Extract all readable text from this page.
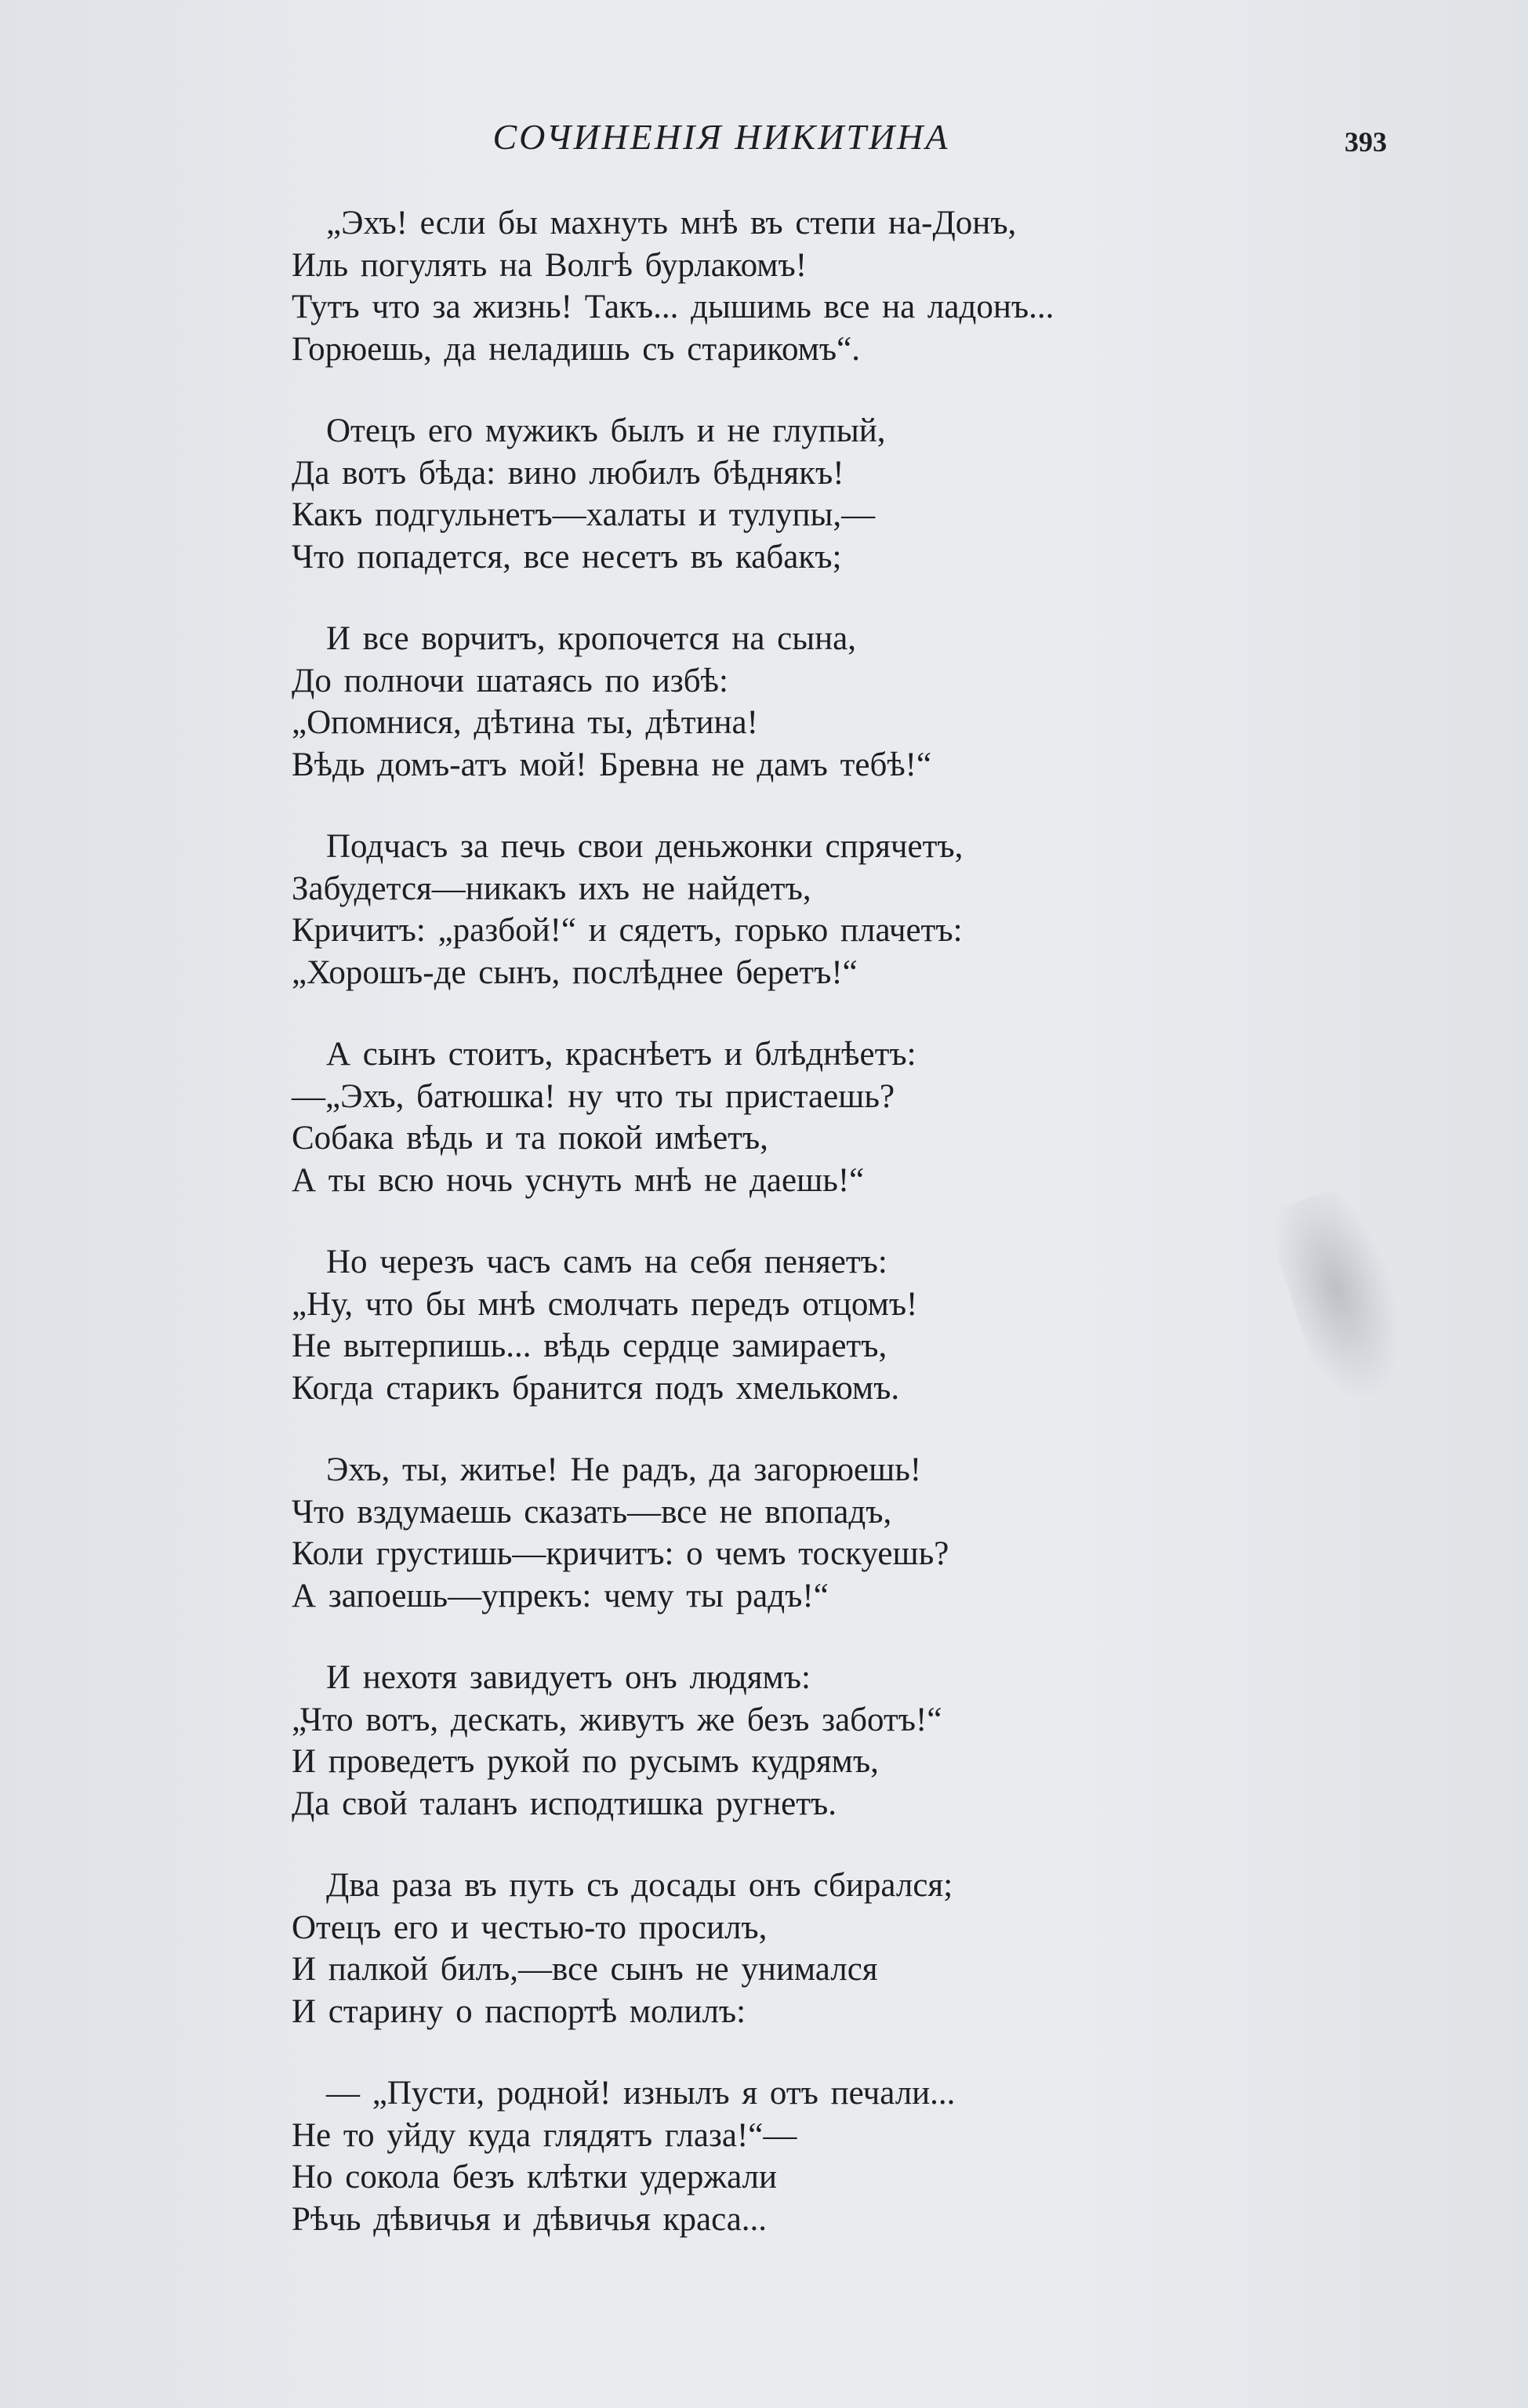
СОЧИНЕНІЯ НИКИТИНА	393
„Эхъ! если бы махнуть мнѣ въ степи на-Донъ,
Иль погулять на Волгѣ бурлакомъ!
Тутъ что за жизнь! Такъ... дышимь все на ладонъ...
Горюешь, да неладишь съ старикомъ“.
Отецъ его мужикъ былъ и не глупый,
Да вотъ бѣда: вино любилъ бѣднякъ!
Какъ подгульнетъ—халаты и тулупы,—
Что попадется, все несетъ въ кабакъ;
И все ворчитъ, кропочется на сына,
До полночи шатаясь по избѣ:
„Опомнися, дѣтина ты, дѣтина!
Вѣдь домъ-атъ мой! Бревна не дамъ тебѣ!“
Подчасъ за печь свои деньжонки спрячетъ,
Забудется—никакъ ихъ не найдетъ,
Кричитъ: „разбой!“ и сядетъ, горько плачетъ:
„Хорошъ-де сынъ, послѣднее беретъ!“
А сынъ стоитъ, краснѣетъ и блѣднѣетъ:
—„Эхъ, батюшка! ну что ты пристаешь?
Собака вѣдь и та покой имѣетъ,
А ты всю ночь уснуть мнѣ не даешь!“
Но черезъ часъ самъ на себя пеняетъ:
„Ну, что бы мнѣ смолчать передъ отцомъ!
Не вытерпишь... вѣдь сердце замираетъ,
Когда старикъ бранится подъ хмелькомъ.
Эхъ, ты, житье! Не радъ, да загорюешь!
Что вздумаешь сказать—все не впопадъ,
Коли грустишь—кричитъ: о чемъ тоскуешь?
А запоешь—упрекъ: чему ты радъ!“
И нехотя завидуетъ онъ людямъ:
„Что вотъ, дескать, живутъ же безъ заботъ!“
И проведетъ рукой по русымъ кудрямъ,
Да свой таланъ исподтишка ругнетъ.
Два раза въ путь съ досады онъ сбирался;
Отецъ его и честью-то просилъ,
И палкой билъ,—все сынъ не унимался
И старину о паспортѣ молилъ:
— „Пусти, родной! изнылъ я отъ печали...
Не то уйду куда глядятъ глаза!“—
Но сокола безъ клѣтки удержали
Рѣчь дѣвичья и дѣвичья краса...
